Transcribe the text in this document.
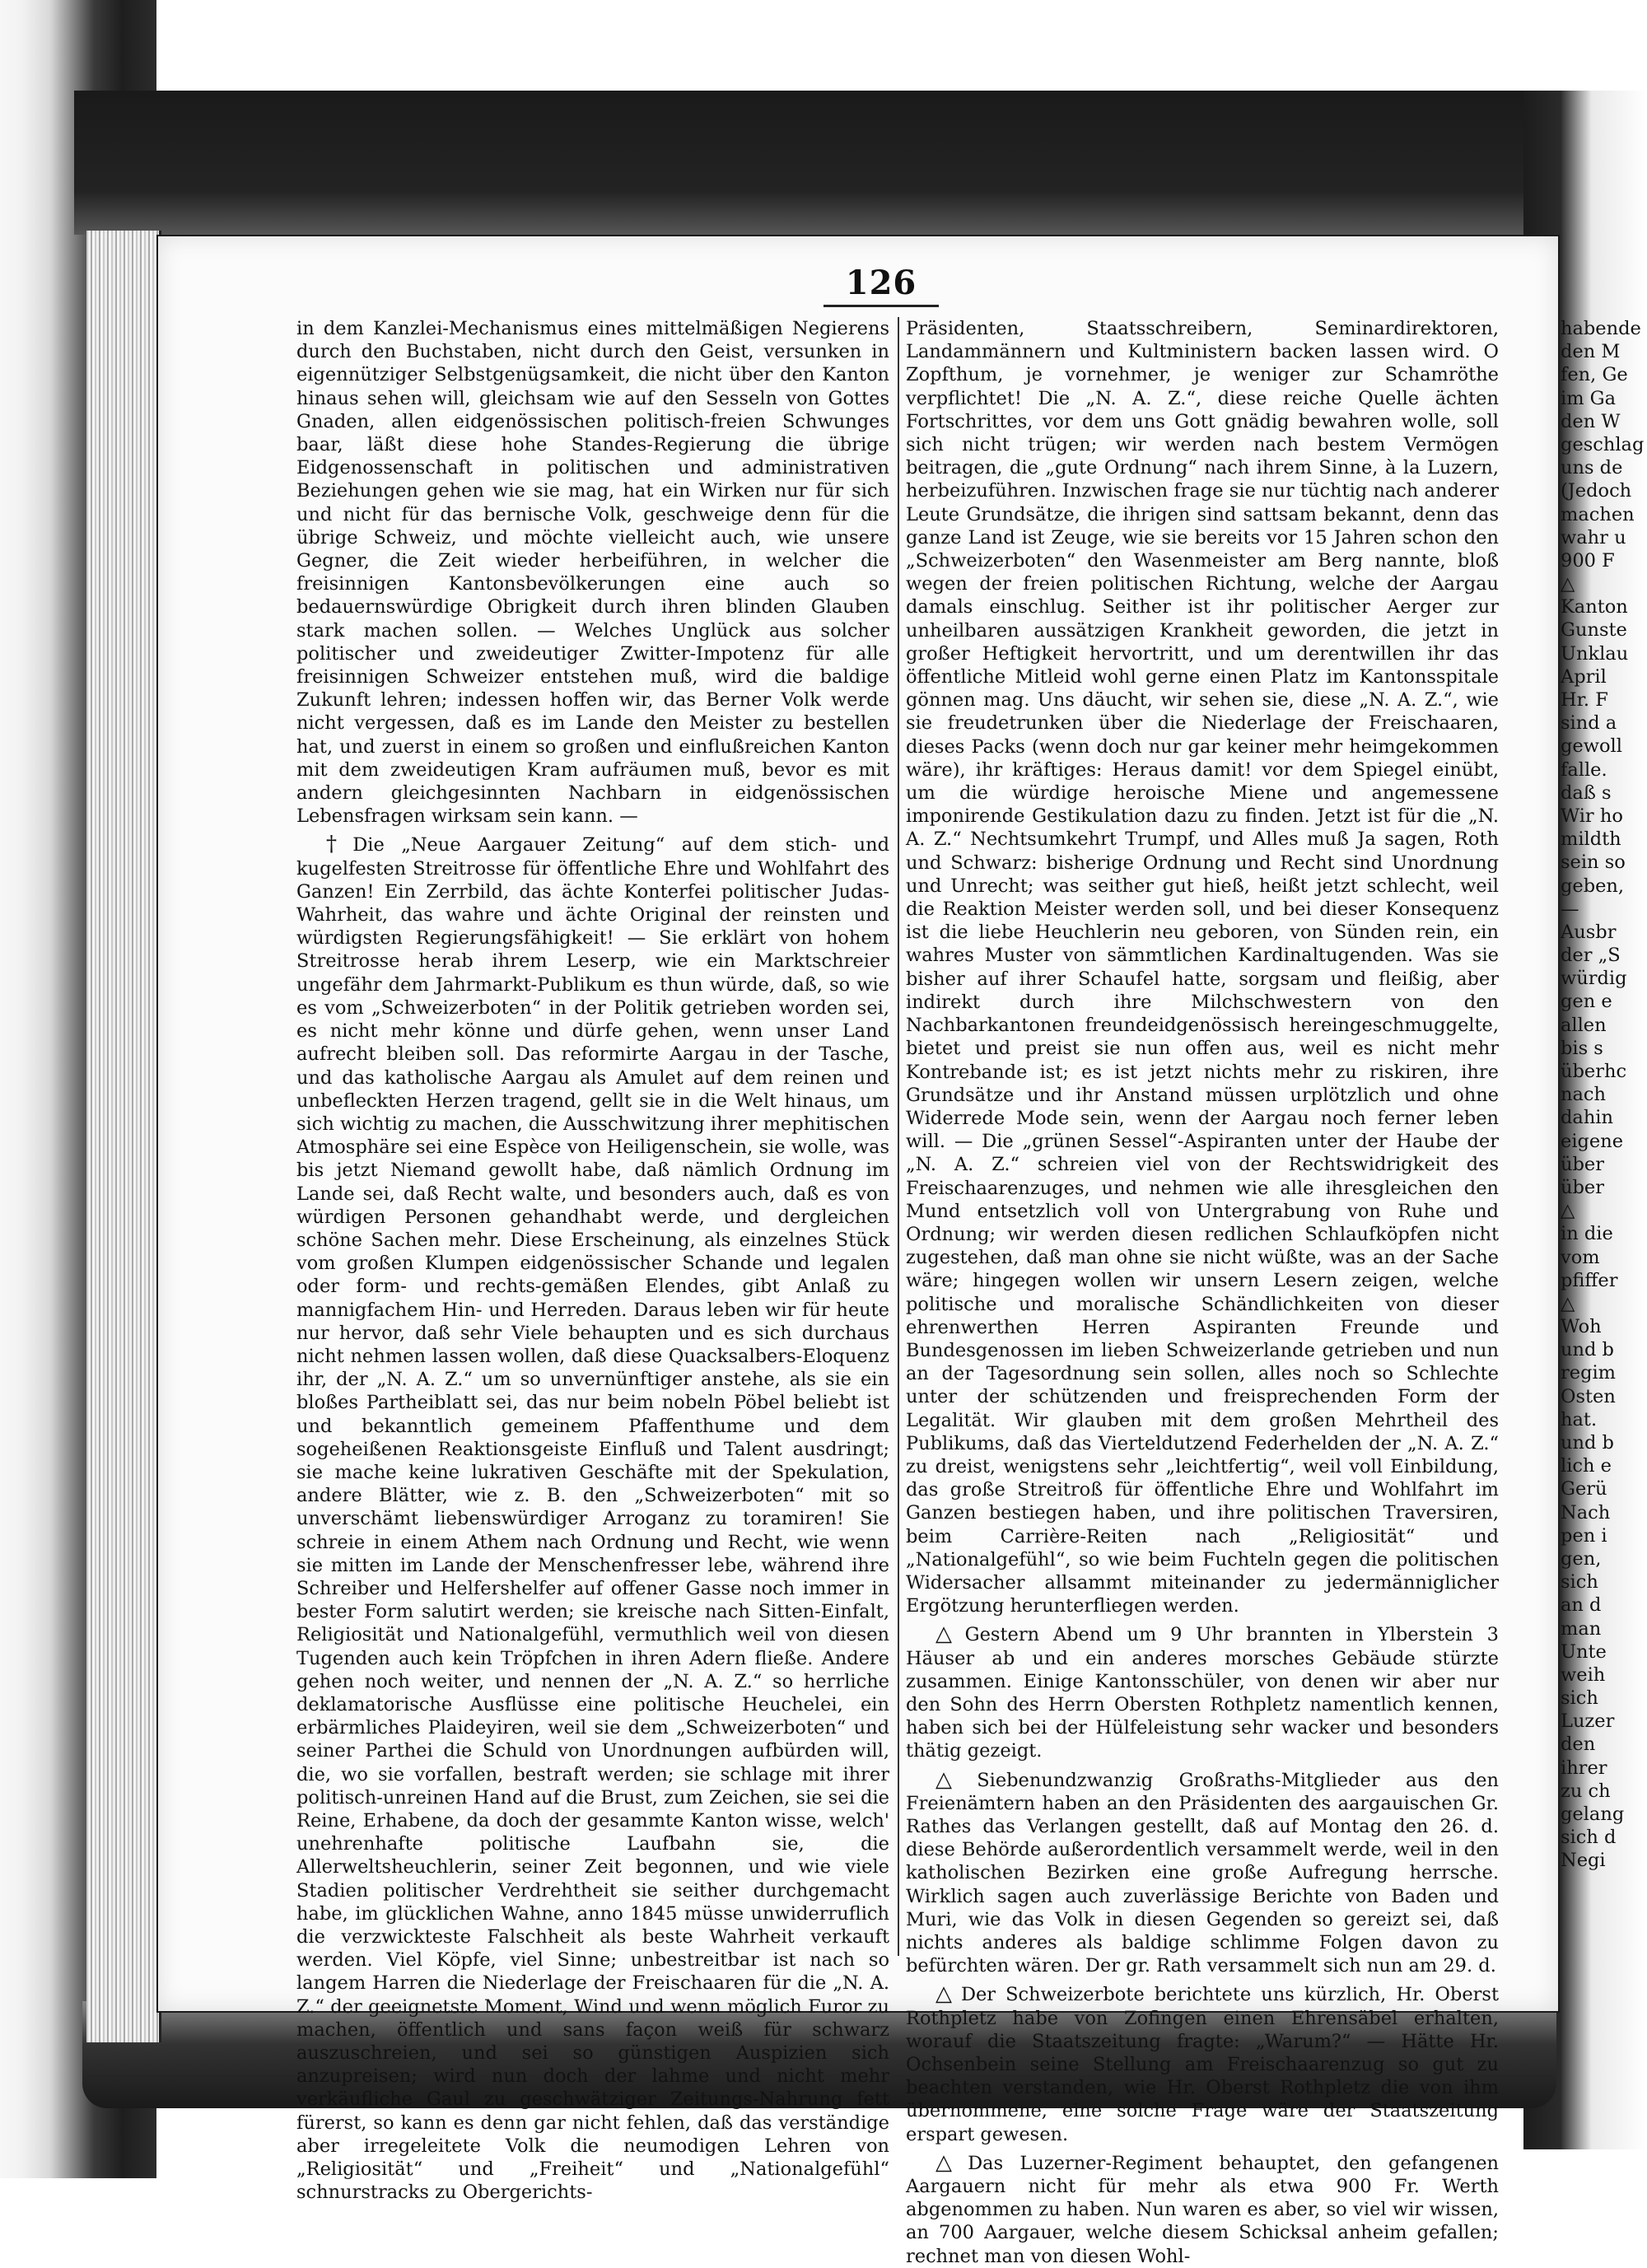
126

in dem Kanzlei-Mechanismus eines mittelmäßigen Negierens durch den Buchstaben, nicht durch den Geist, versunken in eigennütziger Selbstgenügsamkeit, die nicht über den Kanton hinaus sehen will, gleichsam wie auf den Sesseln von Gottes Gnaden, allen eidgenössischen politisch-freien Schwunges baar, läßt diese hohe Standes-Regierung die übrige Eidgenossenschaft in politischen und administrativen Beziehungen gehen wie sie mag, hat ein Wirken nur für sich und nicht für das bernische Volk, geschweige denn für die übrige Schweiz, und möchte vielleicht auch, wie unsere Gegner, die Zeit wieder herbeiführen, in welcher die freisinnigen Kantonsbevölkerungen eine auch so bedauernswürdige Obrigkeit durch ihren blinden Glauben stark machen sollen. — Welches Unglück aus solcher politischer und zweideutiger Zwitter-Impotenz für alle freisinnigen Schweizer entstehen muß, wird die baldige Zukunft lehren; indessen hoffen wir, das Berner Volk werde nicht vergessen, daß es im Lande den Meister zu bestellen hat, und zuerst in einem so großen und einflußreichen Kanton mit dem zweideutigen Kram aufräumen muß, bevor es mit andern gleichgesinnten Nachbarn in eidgenössischen Lebensfragen wirksam sein kann. —

† Die „Neue Aargauer Zeitung“ auf dem stich- und kugelfesten Streitrosse für öffentliche Ehre und Wohlfahrt des Ganzen! Ein Zerrbild, das ächte Konterfei politischer Judas-Wahrheit, das wahre und ächte Original der reinsten und würdigsten Regierungsfähigkeit! — Sie erklärt von hohem Streitrosse herab ihrem Leserp, wie ein Marktschreier ungefähr dem Jahrmarkt-Publikum es thun würde, daß, so wie es vom „Schweizerboten“ in der Politik getrieben worden sei, es nicht mehr könne und dürfe gehen, wenn unser Land aufrecht bleiben soll. Das reformirte Aargau in der Tasche, und das katholische Aargau als Amulet auf dem reinen und unbefleckten Herzen tragend, gellt sie in die Welt hinaus, um sich wichtig zu machen, die Ausschwitzung ihrer mephitischen Atmosphäre sei eine Espèce von Heiligenschein, sie wolle, was bis jetzt Niemand gewollt habe, daß nämlich Ordnung im Lande sei, daß Recht walte, und besonders auch, daß es von würdigen Personen gehandhabt werde, und dergleichen schöne Sachen mehr. Diese Erscheinung, als einzelnes Stück vom großen Klumpen eidgenössischer Schande und legalen oder form- und rechts-gemäßen Elendes, gibt Anlaß zu mannigfachem Hin- und Herreden. Daraus leben wir für heute nur hervor, daß sehr Viele behaupten und es sich durchaus nicht nehmen lassen wollen, daß diese Quacksalbers-Eloquenz ihr, der „N. A. Z.“ um so unvernünftiger anstehe, als sie ein bloßes Partheiblatt sei, das nur beim nobeln Pöbel beliebt ist und bekanntlich gemeinem Pfaffenthume und dem sogeheißenen Reaktionsgeiste Einfluß und Talent ausdringt; sie mache keine lukrativen Geschäfte mit der Spekulation, andere Blätter, wie z. B. den „Schweizerboten“ mit so unverschämt liebenswürdiger Arroganz zu toramiren! Sie schreie in einem Athem nach Ordnung und Recht, wie wenn sie mitten im Lande der Menschenfresser lebe, während ihre Schreiber und Helfershelfer auf offener Gasse noch immer in bester Form salutirt werden; sie kreische nach Sitten-Einfalt, Religiosität und Nationalgefühl, vermuthlich weil von diesen Tugenden auch kein Tröpfchen in ihren Adern fließe. Andere gehen noch weiter, und nennen der „N. A. Z.“ so herrliche deklamatorische Ausflüsse eine politische Heuchelei, ein erbärmliches Plaideyiren, weil sie dem „Schweizerboten“ und seiner Parthei die Schuld von Unordnungen aufbürden will, die, wo sie vorfallen, bestraft werden; sie schlage mit ihrer politisch-unreinen Hand auf die Brust, zum Zeichen, sie sei die Reine, Erhabene, da doch der gesammte Kanton wisse, welch' unehrenhafte politische Laufbahn sie, die Allerweltsheuchlerin, seiner Zeit begonnen, und wie viele Stadien politischer Verdrehtheit sie seither durchgemacht habe, im glücklichen Wahne, anno 1845 müsse unwiderruflich die verzwickteste Falschheit als beste Wahrheit verkauft werden. Viel Köpfe, viel Sinne; unbestreitbar ist nach so langem Harren die Niederlage der Freischaaren für die „N. A. Z.“ der geeignetste Moment, Wind und wenn möglich Furor zu machen, öffentlich und sans façon weiß für schwarz auszuschreien, und sei so günstigen Auspizien sich anzupreisen; wird nun doch der lahme und nicht mehr verkäufliche Gaul zu geschwätziger Zeitungs-Nahrung fett fürerst, so kann es denn gar nicht fehlen, daß das verständige aber irregeleitete Volk die neumodigen Lehren von „Religiosität“ und „Freiheit“ und „Nationalgefühl“ schnurstracks zu Obergerichts-

Präsidenten, Staatsschreibern, Seminardirektoren, Landammännern und Kultministern backen lassen wird. O Zopfthum, je vornehmer, je weniger zur Schamröthe verpflichtet! Die „N. A. Z.“, diese reiche Quelle ächten Fortschrittes, vor dem uns Gott gnädig bewahren wolle, soll sich nicht trügen; wir werden nach bestem Vermögen beitragen, die „gute Ordnung“ nach ihrem Sinne, à la Luzern, herbeizuführen. Inzwischen frage sie nur tüchtig nach anderer Leute Grundsätze, die ihrigen sind sattsam bekannt, denn das ganze Land ist Zeuge, wie sie bereits vor 15 Jahren schon den „Schweizerboten“ den Wasenmeister am Berg nannte, bloß wegen der freien politischen Richtung, welche der Aargau damals einschlug. Seither ist ihr politischer Aerger zur unheilbaren aussätzigen Krankheit geworden, die jetzt in großer Heftigkeit hervortritt, und um derentwillen ihr das öffentliche Mitleid wohl gerne einen Platz im Kantonsspitale gönnen mag. Uns däucht, wir sehen sie, diese „N. A. Z.“, wie sie freudetrunken über die Niederlage der Freischaaren, dieses Packs (wenn doch nur gar keiner mehr heimgekommen wäre), ihr kräftiges: Heraus damit! vor dem Spiegel einübt, um die würdige heroische Miene und angemessene imponirende Gestikulation dazu zu finden. Jetzt ist für die „N. A. Z.“ Nechtsumkehrt Trumpf, und Alles muß Ja sagen, Roth und Schwarz: bisherige Ordnung und Recht sind Unordnung und Unrecht; was seither gut hieß, heißt jetzt schlecht, weil die Reaktion Meister werden soll, und bei dieser Konsequenz ist die liebe Heuchlerin neu geboren, von Sünden rein, ein wahres Muster von sämmtlichen Kardinaltugenden. Was sie bisher auf ihrer Schaufel hatte, sorgsam und fleißig, aber indirekt durch ihre Milchschwestern von den Nachbarkantonen freundeidgenössisch hereingeschmuggelte, bietet und preist sie nun offen aus, weil es nicht mehr Kontrebande ist; es ist jetzt nichts mehr zu riskiren, ihre Grundsätze und ihr Anstand müssen urplötzlich und ohne Widerrede Mode sein, wenn der Aargau noch ferner leben will. — Die „grünen Sessel“-Aspiranten unter der Haube der „N. A. Z.“ schreien viel von der Rechtswidrigkeit des Freischaarenzuges, und nehmen wie alle ihresgleichen den Mund entsetzlich voll von Untergrabung von Ruhe und Ordnung; wir werden diesen redlichen Schlaufköpfen nicht zugestehen, daß man ohne sie nicht wüßte, was an der Sache wäre; hingegen wollen wir unsern Lesern zeigen, welche politische und moralische Schändlichkeiten von dieser ehrenwerthen Herren Aspiranten Freunde und Bundesgenossen im lieben Schweizerlande getrieben und nun an der Tagesordnung sein sollen, alles noch so Schlechte unter der schützenden und freisprechenden Form der Legalität. Wir glauben mit dem großen Mehrtheil des Publikums, daß das Vierteldutzend Federhelden der „N. A. Z.“ zu dreist, wenigstens sehr „leichtfertig“, weil voll Einbildung, das große Streitroß für öffentliche Ehre und Wohlfahrt im Ganzen bestiegen haben, und ihre politischen Traversiren, beim Carrière-Reiten nach „Religiosität“ und „Nationalgefühl“, so wie beim Fuchteln gegen die politischen Widersacher allsammt miteinander zu jedermänniglicher Ergötzung herunterfliegen werden.

△ Gestern Abend um 9 Uhr brannten in Ylberstein 3 Häuser ab und ein anderes morsches Gebäude stürzte zusammen. Einige Kantonsschüler, von denen wir aber nur den Sohn des Herrn Obersten Rothpletz namentlich kennen, haben sich bei der Hülfeleistung sehr wacker und besonders thätig gezeigt.

△ Siebenundzwanzig Großraths-Mitglieder aus den Freienämtern haben an den Präsidenten des aargauischen Gr. Rathes das Verlangen gestellt, daß auf Montag den 26. d. diese Behörde außerordentlich versammelt werde, weil in den katholischen Bezirken eine große Aufregung herrsche. Wirklich sagen auch zuverlässige Berichte von Baden und Muri, wie das Volk in diesen Gegenden so gereizt sei, daß nichts anderes als baldige schlimme Folgen davon zu befürchten wären. Der gr. Rath versammelt sich nun am 29. d.

△ Der Schweizerbote berichtete uns kürzlich, Hr. Oberst Rothpletz habe von Zofingen einen Ehrensäbel erhalten, worauf die Staatszeitung fragte: „Warum?“ — Hätte Hr. Ochsenbein seine Stellung am Freischaarenzug so gut zu beachten verstanden, wie Hr. Oberst Rothpletz die von ihm übernommene, eine solche Frage wäre der Staatszeitung erspart gewesen.

△ Das Luzerner-Regiment behauptet, den gefangenen Aargauern nicht für mehr als etwa 900 Fr. Werth abgenommen zu haben. Nun waren es aber, so viel wir wissen, an 700 Aargauer, welche diesem Schicksal anheim gefallen; rechnet man von diesen Wohl-

habende
den M
fen, Ge
im Ga
den W
geschlag
uns de
(Jedoch
machen
wahr u
900 F
△
Kanton
Gunste
Unklau
April
Hr. F
sind a
gewoll
falle.
daß s
Wir ho
mildth
sein so
geben,
—
Ausbr
der „S
würdig
gen e
allen
bis s
überhc
nach
dahin
eigene
über
über
△
in die
vom
pfiffer
△
Woh
und b
regim
Osten
hat.
und b
lich e
Gerü
Nach
pen i
gen,
sich
an d
man
Unte
weih
sich
Luzer
den
ihrer
zu ch
gelang
sich d
Negi
